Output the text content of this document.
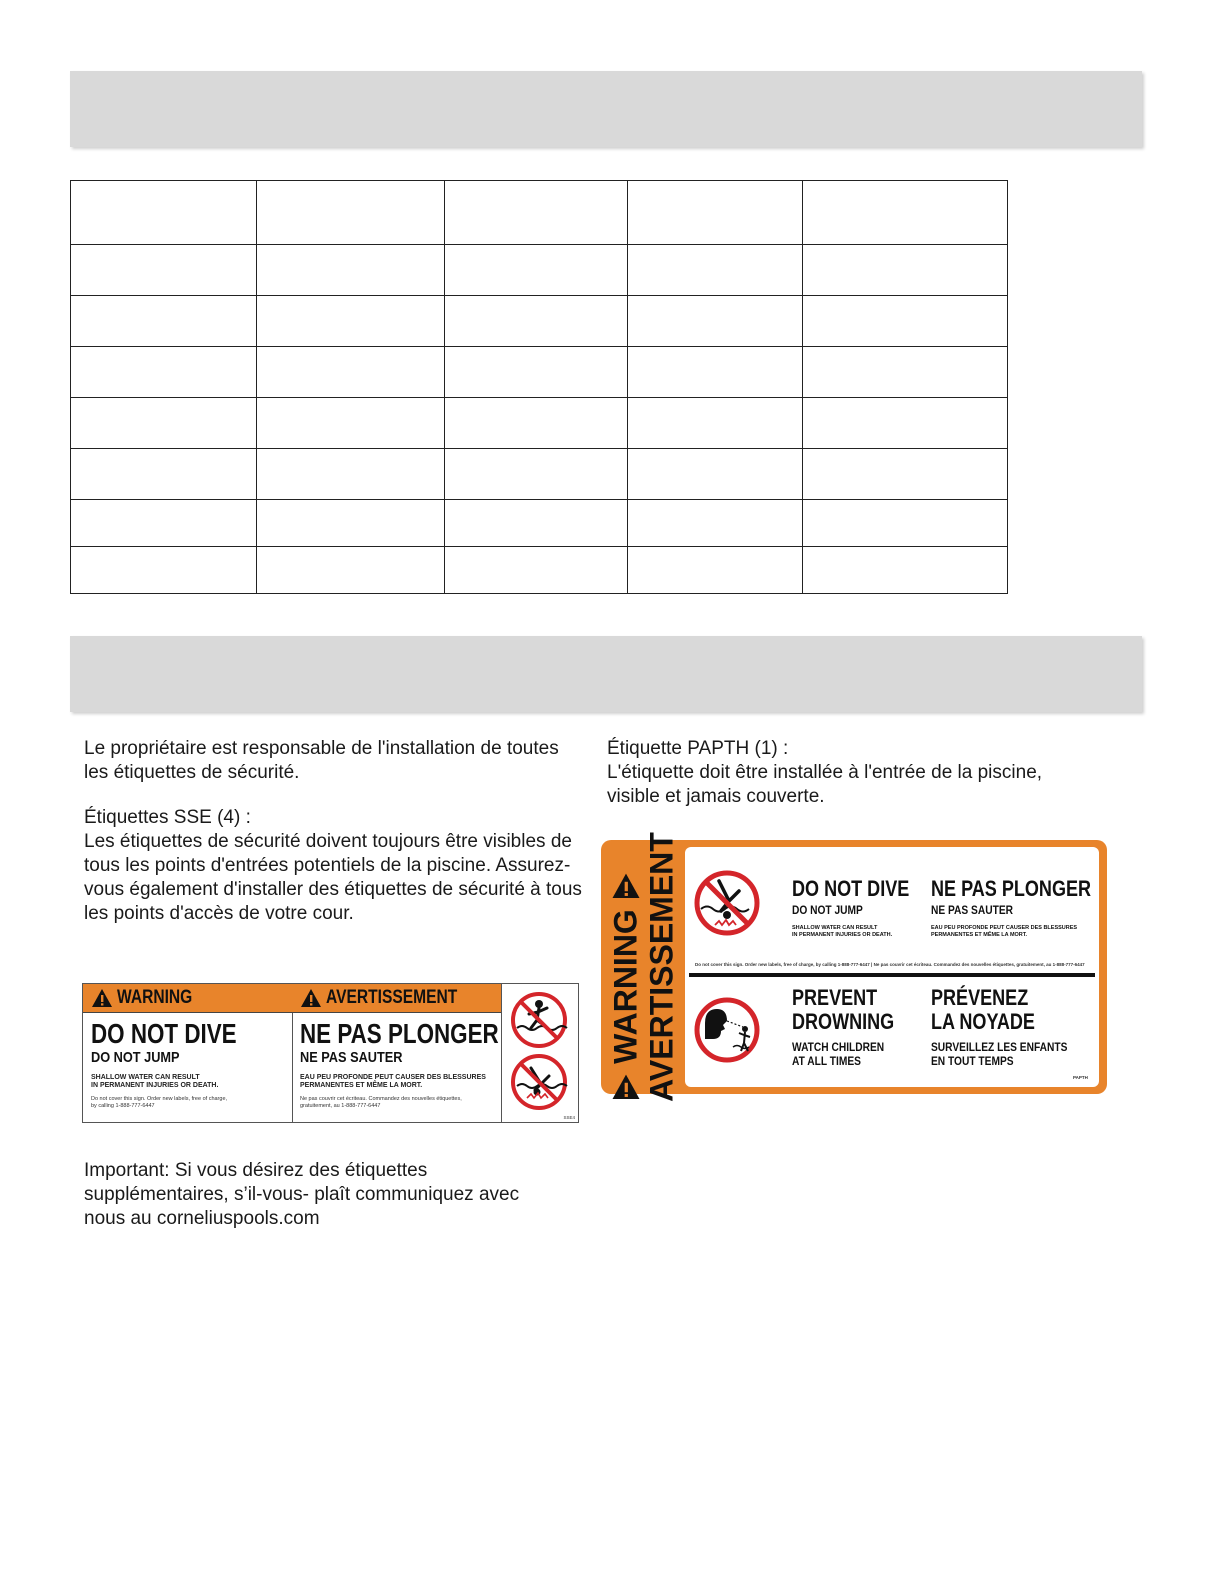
Le propriétaire est responsable de l'installation de toutes les étiquettes de sécurité.

Étiquettes SSE (4) :

Les étiquettes de sécurité doivent toujours être visibles de tous les points d'entrées potentiels de la piscine. Assurez-vous également d'installer des étiquettes de sécurité à tous les points d'accès de votre cour.

Étiquette PAPTH (1) :

L'étiquette doit être installée à l'entrée de la piscine, visible et jamais couverte.

WARNING
DO NOT DIVE
DO NOT JUMP
SHALLOW WATER CAN RESULT
IN PERMANENT INJURIES OR DEATH.
Do not cover this sign. Order new labels, free of charge,
by calling 1-888-777-6447
AVERTISSEMENT
NE PAS PLONGER
NE PAS SAUTER
EAU PEU PROFONDE PEUT CAUSER DES BLESSURES
PERMANENTES ET MÊME LA MORT.
Ne pas couvrir cet écriteau. Commandez des nouvelles étiquettes,
gratuitement, au 1-888-777-6447
SSE4
WARNING AVERTISSEMENT	DO NOT DIVE
DO NOT JUMP
SHALLOW WATER CAN RESULT
IN PERMANENT INJURIES OR DEATH.
NE PAS PLONGER
NE PAS SAUTER
EAU PEU PROFONDE PEUT CAUSER DES BLESSURES
PERMANENTES ET MÊME LA MORT.
Do not cover this sign. Order new labels, free of charge, by calling 1-888-777-6447 | Ne pas couvrir cet écriteau. Commandez des nouvelles étiquettes, gratuitement, au 1-888-777-6447
PREVENT
DROWNING
WATCH CHILDREN
AT ALL TIMES
PRÉVENEZ
LA NOYADE
SURVEILLEZ LES ENFANTS
EN TOUT TEMPS
PAPTH

Important: Si vous désirez des étiquettes supplémentaires, s’il-vous- plaît communiquez avec nous au corneliuspools.com
